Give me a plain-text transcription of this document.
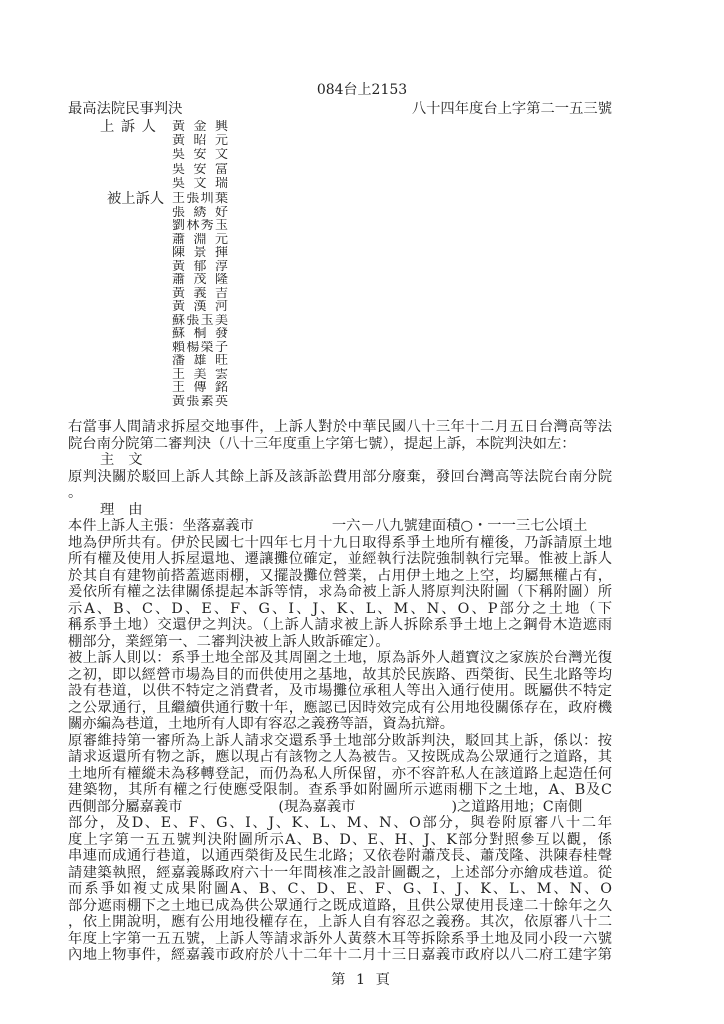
084台上2153
最高法院民事判決	八十四年度台上字第二一五三號
上 訴 人 黃金興
黃昭元
吳安文
吳安富
吳文瑞
被上訴人 王張圳葉
張綉好
劉林秀玉
蕭淵元
陳景揮
黃郁淳
蕭茂隆
黃義吉
黃漢河
蘇張玉美
蘇桐發
賴楊榮子
潘雄旺
王美雲
王傳銘
黃張素英
右當事人間請求拆屋交地事件，上訴人對於中華民國八十三年十二月五日台灣高等法
院台南分院第二審判決（八十三年度重上字第七號），提起上訴，本院判決如左：
主文
原判決關於駁回上訴人其餘上訴及該訴訟費用部分廢棄，發回台灣高等法院台南分院
。
理由
本件上訴人主張：坐落嘉義市	一六－八九號建面積○・一一三七公頃土
地為伊所共有。伊於民國七十四年七月十九日取得系爭土地所有權後，乃訴請原土地
所有權及使用人拆屋還地、遷讓攤位確定，並經執行法院強制執行完畢。惟被上訴人
於其自有建物前搭蓋遮雨棚，又擺設攤位營業，占用伊土地之上空，均屬無權占有，
爰依所有權之法律關係提起本訴等情，求為命被上訴人將原判決附圖（下稱附圖）所
示A、B、C、D、E、F、G、I、J、K、L、M、N、O、P部分之土地（下
稱系爭土地）交還伊之判決。（上訴人請求被上訴人拆除系爭土地上之鋼骨木造遮雨
棚部分，業經第一、二審判決被上訴人敗訴確定）。
被上訴人則以：系爭土地全部及其周圍之土地，原為訴外人趙寶汶之家族於台灣光復
之初，即以經營市場為目的而供使用之基地，故其於民族路、西榮街、民生北路等均
設有巷道，以供不特定之消費者，及市場攤位承租人等出入通行使用。既屬供不特定
之公眾通行，且繼續供通行數十年，應認已因時效完成有公用地役關係存在，政府機
關亦編為巷道，土地所有人即有容忍之義務等語，資為抗辯。
原審維持第一審所為上訴人請求交還系爭土地部分敗訴判決，駁回其上訴，係以：按
請求返還所有物之訴，應以現占有該物之人為被告。又按既成為公眾通行之道路，其
土地所有權縱未為移轉登記，而仍為私人所保留，亦不容許私人在該道路上起造任何
建築物，其所有權之行使應受限制。查系爭如附圖所示遮雨棚下之土地，A、B及C
西側部分屬嘉義市	(現為嘉義市	)之道路用地；C南側
部分，及D、E、F、G、I、J、K、L、M、N、O部分，與卷附原審八十二年
度上字第一五五號判決附圖所示A、B、D、E、H、J、K部分對照參互以觀，係
串連而成通行巷道，以通西榮街及民生北路；又依卷附蕭茂長、蕭茂隆、洪陳春桂聲
請建築執照，經嘉義縣政府六十一年間核准之設計圖觀之，上述部分亦繪成巷道。從
而系爭如複丈成果附圖A、B、C、D、E、F、G、I、J、K、L、M、N、O
部分遮雨棚下之土地已成為供公眾通行之既成道路，且供公眾使用長達二十餘年之久
，依上開說明，應有公用地役權存在，上訴人自有容忍之義務。其次，依原審八十二
年度上字第一五五號，上訴人等請求訴外人黃蔡木耳等拆除系爭土地及同小段一六號
內地上物事件，經嘉義市政府於八十二年十二月十三日嘉義市政府以八二府工建字第
第 1 頁
